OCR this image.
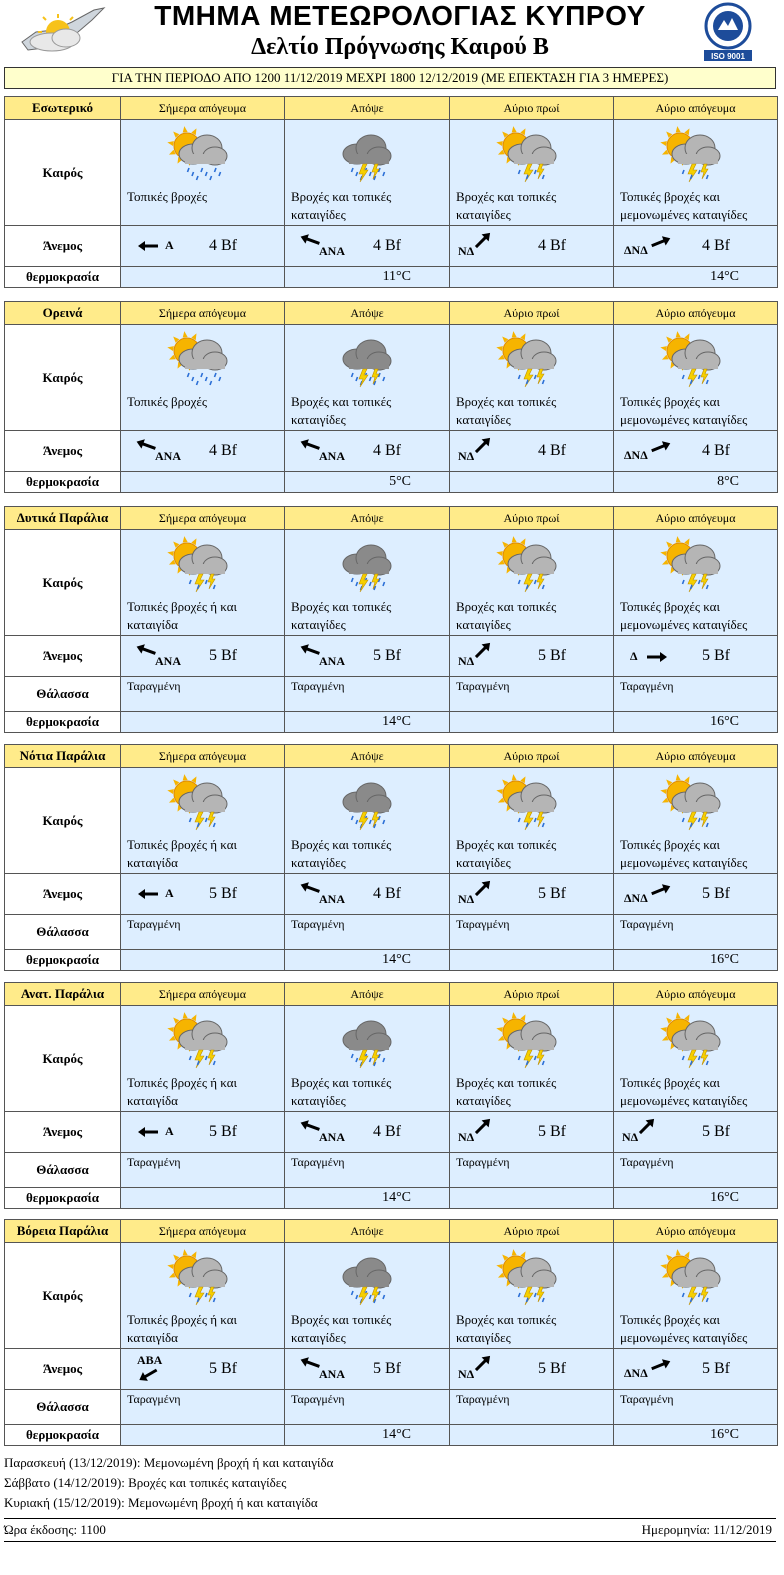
ΤΜΗΜΑ ΜΕΤΕΩΡΟΛΟΓΙΑΣ ΚΥΠΡΟΥ
Δελτίο Πρόγνωσης Καιρού Β	ISO 9001
ΓΙΑ ΤΗΝ ΠΕΡΙΟΔΟ ΑΠΟ 1200 11/12/2019 ΜΕΧΡΙ 1800 12/12/2019 (ΜΕ ΕΠΕΚΤΑΣΗ ΓΙΑ 3 ΗΜΕΡΕΣ)
Εσωτερικό	Σήμερα απόγευμα	Απόψε	Αύριο πρωί	Αύριο απόγευμα
Καιρός	Τοπικές βροχές	Βροχές και τοπικές καταιγίδες	Βροχές και τοπικές καταιγίδες	Τοπικές βροχές και μεμονωμένες καταιγίδες

Άνεμος	Α 4 Bf	ΑΝΑ 4 Bf	ΝΔ 4 Bf	ΔΝΔ 4 Bf

θερμοκρασία		11°C		14°C
Ορεινά	Σήμερα απόγευμα	Απόψε	Αύριο πρωί	Αύριο απόγευμα
Καιρός	Τοπικές βροχές	Βροχές και τοπικές καταιγίδες	Βροχές και τοπικές καταιγίδες	Τοπικές βροχές και μεμονωμένες καταιγίδες

Άνεμος	ΑΝΑ 4 Bf	ΑΝΑ 4 Bf	ΝΔ 4 Bf	ΔΝΔ 4 Bf

θερμοκρασία		5°C		8°C
Δυτικά Παράλια	Σήμερα απόγευμα	Απόψε	Αύριο πρωί	Αύριο απόγευμα
Καιρός	Τοπικές βροχές ή και καταιγίδα	Βροχές και τοπικές καταιγίδες	Βροχές και τοπικές καταιγίδες	Τοπικές βροχές και μεμονωμένες καταιγίδες

Άνεμος	ΑΝΑ 5 Bf	ΑΝΑ 5 Bf	ΝΔ 5 Bf	Δ 5 Bf

Θάλασσα	Ταραγμένη	Ταραγμένη	Ταραγμένη	Ταραγμένη

θερμοκρασία		14°C		16°C
Νότια Παράλια	Σήμερα απόγευμα	Απόψε	Αύριο πρωί	Αύριο απόγευμα
Καιρός	Τοπικές βροχές ή και καταιγίδα	Βροχές και τοπικές καταιγίδες	Βροχές και τοπικές καταιγίδες	Τοπικές βροχές και μεμονωμένες καταιγίδες

Άνεμος	Α 5 Bf	ΑΝΑ 4 Bf	ΝΔ 5 Bf	ΔΝΔ 5 Bf

Θάλασσα	Ταραγμένη	Ταραγμένη	Ταραγμένη	Ταραγμένη

θερμοκρασία		14°C		16°C
Ανατ. Παράλια	Σήμερα απόγευμα	Απόψε	Αύριο πρωί	Αύριο απόγευμα
Καιρός	Τοπικές βροχές ή και καταιγίδα	Βροχές και τοπικές καταιγίδες	Βροχές και τοπικές καταιγίδες	Τοπικές βροχές και μεμονωμένες καταιγίδες

Άνεμος	Α 5 Bf	ΑΝΑ 4 Bf	ΝΔ 5 Bf	ΝΔ 5 Bf

Θάλασσα	Ταραγμένη	Ταραγμένη	Ταραγμένη	Ταραγμένη

θερμοκρασία		14°C		16°C
Βόρεια Παράλια	Σήμερα απόγευμα	Απόψε	Αύριο πρωί	Αύριο απόγευμα
Καιρός	Τοπικές βροχές ή και καταιγίδα	Βροχές και τοπικές καταιγίδες	Βροχές και τοπικές καταιγίδες	Τοπικές βροχές και μεμονωμένες καταιγίδες

Άνεμος	ΑΒΑ 5 Bf	ΑΝΑ 5 Bf	ΝΔ 5 Bf	ΔΝΔ 5 Bf

Θάλασσα	Ταραγμένη	Ταραγμένη	Ταραγμένη	Ταραγμένη

θερμοκρασία		14°C		16°C
Παρασκευή (13/12/2019): Μεμονωμένη βροχή ή και καταιγίδα
Σάββατο (14/12/2019): Βροχές και τοπικές καταιγίδες
Κυριακή (15/12/2019): Μεμονωμένη βροχή ή και καταιγίδα
Ώρα έκδοσης: 1100	Ημερομηνία: 11/12/2019
